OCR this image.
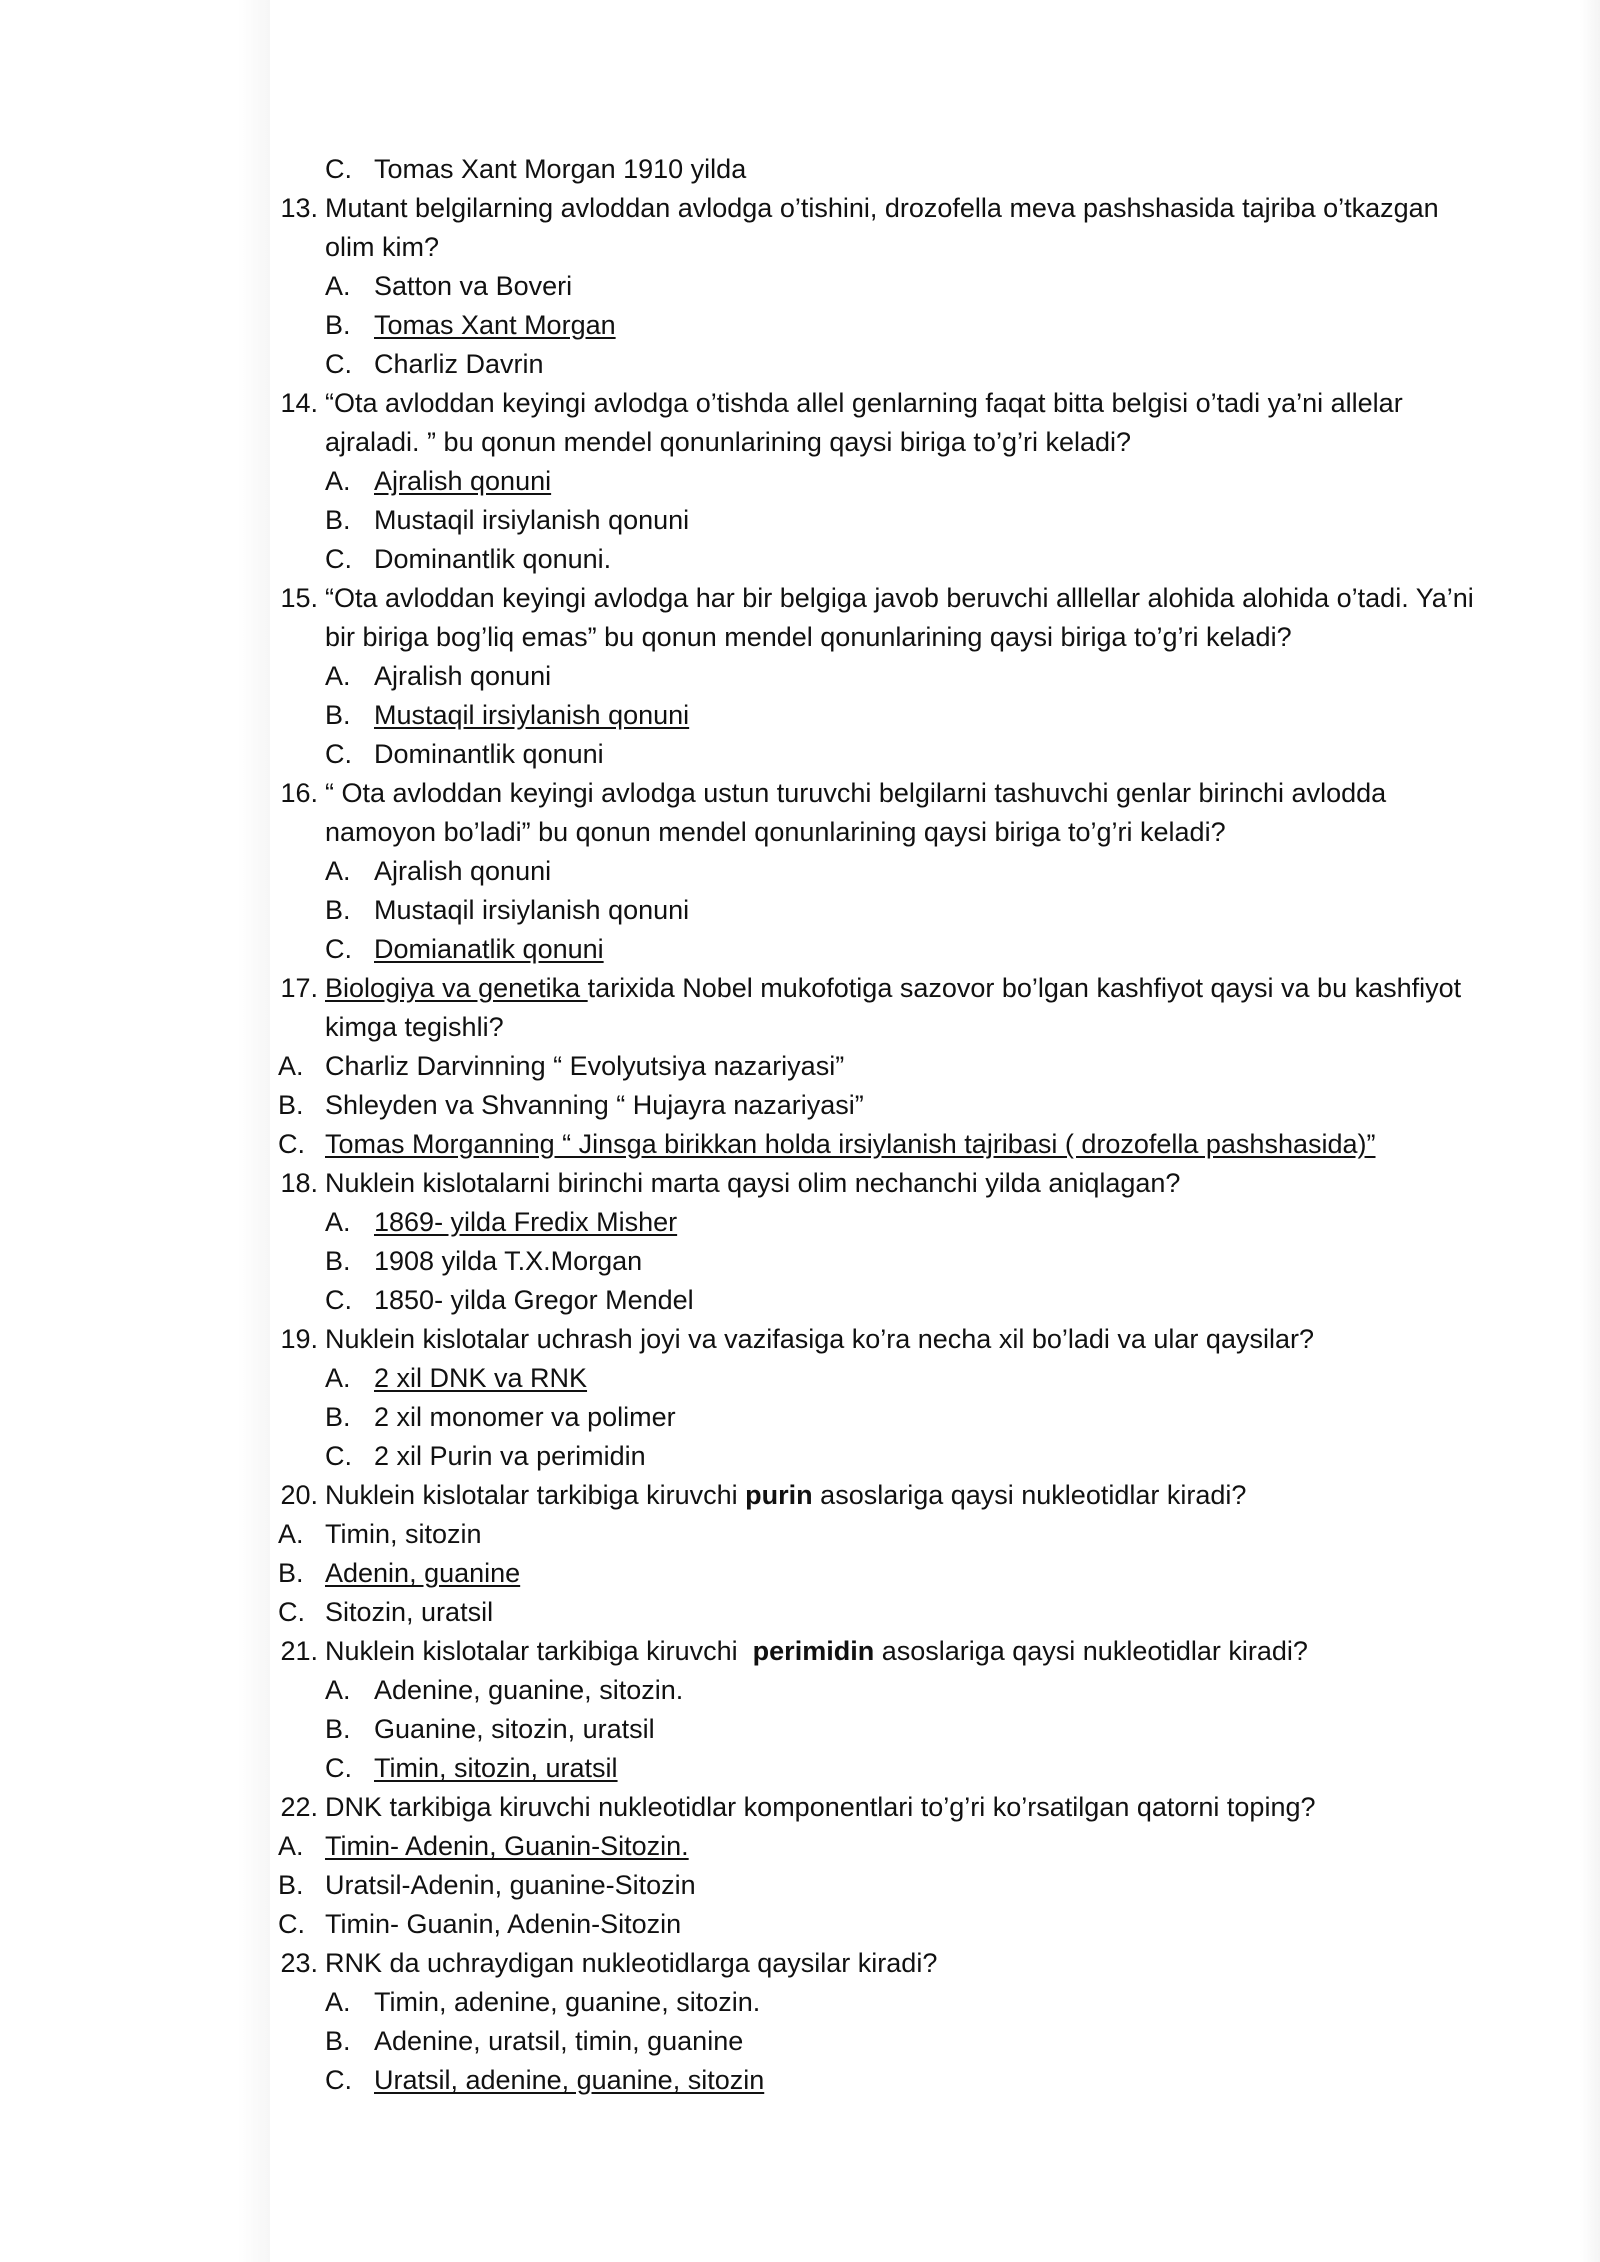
C. Tomas Xant Morgan 1910 yilda
13. Mutant belgilarning avloddan avlodga o’tishini, drozofella meva pashshasida tajriba o’tkazgan
olim kim?
A. Satton va Boveri
B. Tomas Xant Morgan
C. Charliz Davrin
14. “Ota avloddan keyingi avlodga o’tishda allel genlarning faqat bitta belgisi o’tadi ya’ni allelar
ajraladi. ” bu qonun mendel qonunlarining qaysi biriga to’g’ri keladi?
A. Ajralish qonuni
B. Mustaqil irsiylanish qonuni
C. Dominantlik qonuni.
15. “Ota avloddan keyingi avlodga har bir belgiga javob beruvchi alllellar alohida alohida o’tadi. Ya’ni
bir biriga bog’liq emas” bu qonun mendel qonunlarining qaysi biriga to’g’ri keladi?
A. Ajralish qonuni
B. Mustaqil irsiylanish qonuni
C. Dominantlik qonuni
16. “ Ota avloddan keyingi avlodga ustun turuvchi belgilarni tashuvchi genlar birinchi avlodda
namoyon bo’ladi” bu qonun mendel qonunlarining qaysi biriga to’g’ri keladi?
A. Ajralish qonuni
B. Mustaqil irsiylanish qonuni
C. Domianatlik qonuni
17. Biologiya va genetika tarixida Nobel mukofotiga sazovor bo’lgan kashfiyot qaysi va bu kashfiyot
kimga tegishli?
A. Charliz Darvinning “ Evolyutsiya nazariyasi”
B. Shleyden va Shvanning “ Hujayra nazariyasi”
C. Tomas Morganning “ Jinsga birikkan holda irsiylanish tajribasi ( drozofella pashshasida)”
18. Nuklein kislotalarni birinchi marta qaysi olim nechanchi yilda aniqlagan?
A. 1869- yilda Fredix Misher
B. 1908 yilda T.X.Morgan
C. 1850- yilda Gregor Mendel
19. Nuklein kislotalar uchrash joyi va vazifasiga ko’ra necha xil bo’ladi va ular qaysilar?
A. 2 xil DNK va RNK
B. 2 xil monomer va polimer
C. 2 xil Purin va perimidin
20. Nuklein kislotalar tarkibiga kiruvchi purin asoslariga qaysi nukleotidlar kiradi?
A. Timin, sitozin
B. Adenin, guanine
C. Sitozin, uratsil
21. Nuklein kislotalar tarkibiga kiruvchi  perimidin asoslariga qaysi nukleotidlar kiradi?
A. Adenine, guanine, sitozin.
B. Guanine, sitozin, uratsil
C. Timin, sitozin, uratsil
22. DNK tarkibiga kiruvchi nukleotidlar komponentlari to’g’ri ko’rsatilgan qatorni toping?
A. Timin- Adenin, Guanin-Sitozin.
B. Uratsil-Adenin, guanine-Sitozin
C. Timin- Guanin, Adenin-Sitozin
23. RNK da uchraydigan nukleotidlarga qaysilar kiradi?
A. Timin, adenine, guanine, sitozin.
B. Adenine, uratsil, timin, guanine
C. Uratsil, adenine, guanine, sitozin
